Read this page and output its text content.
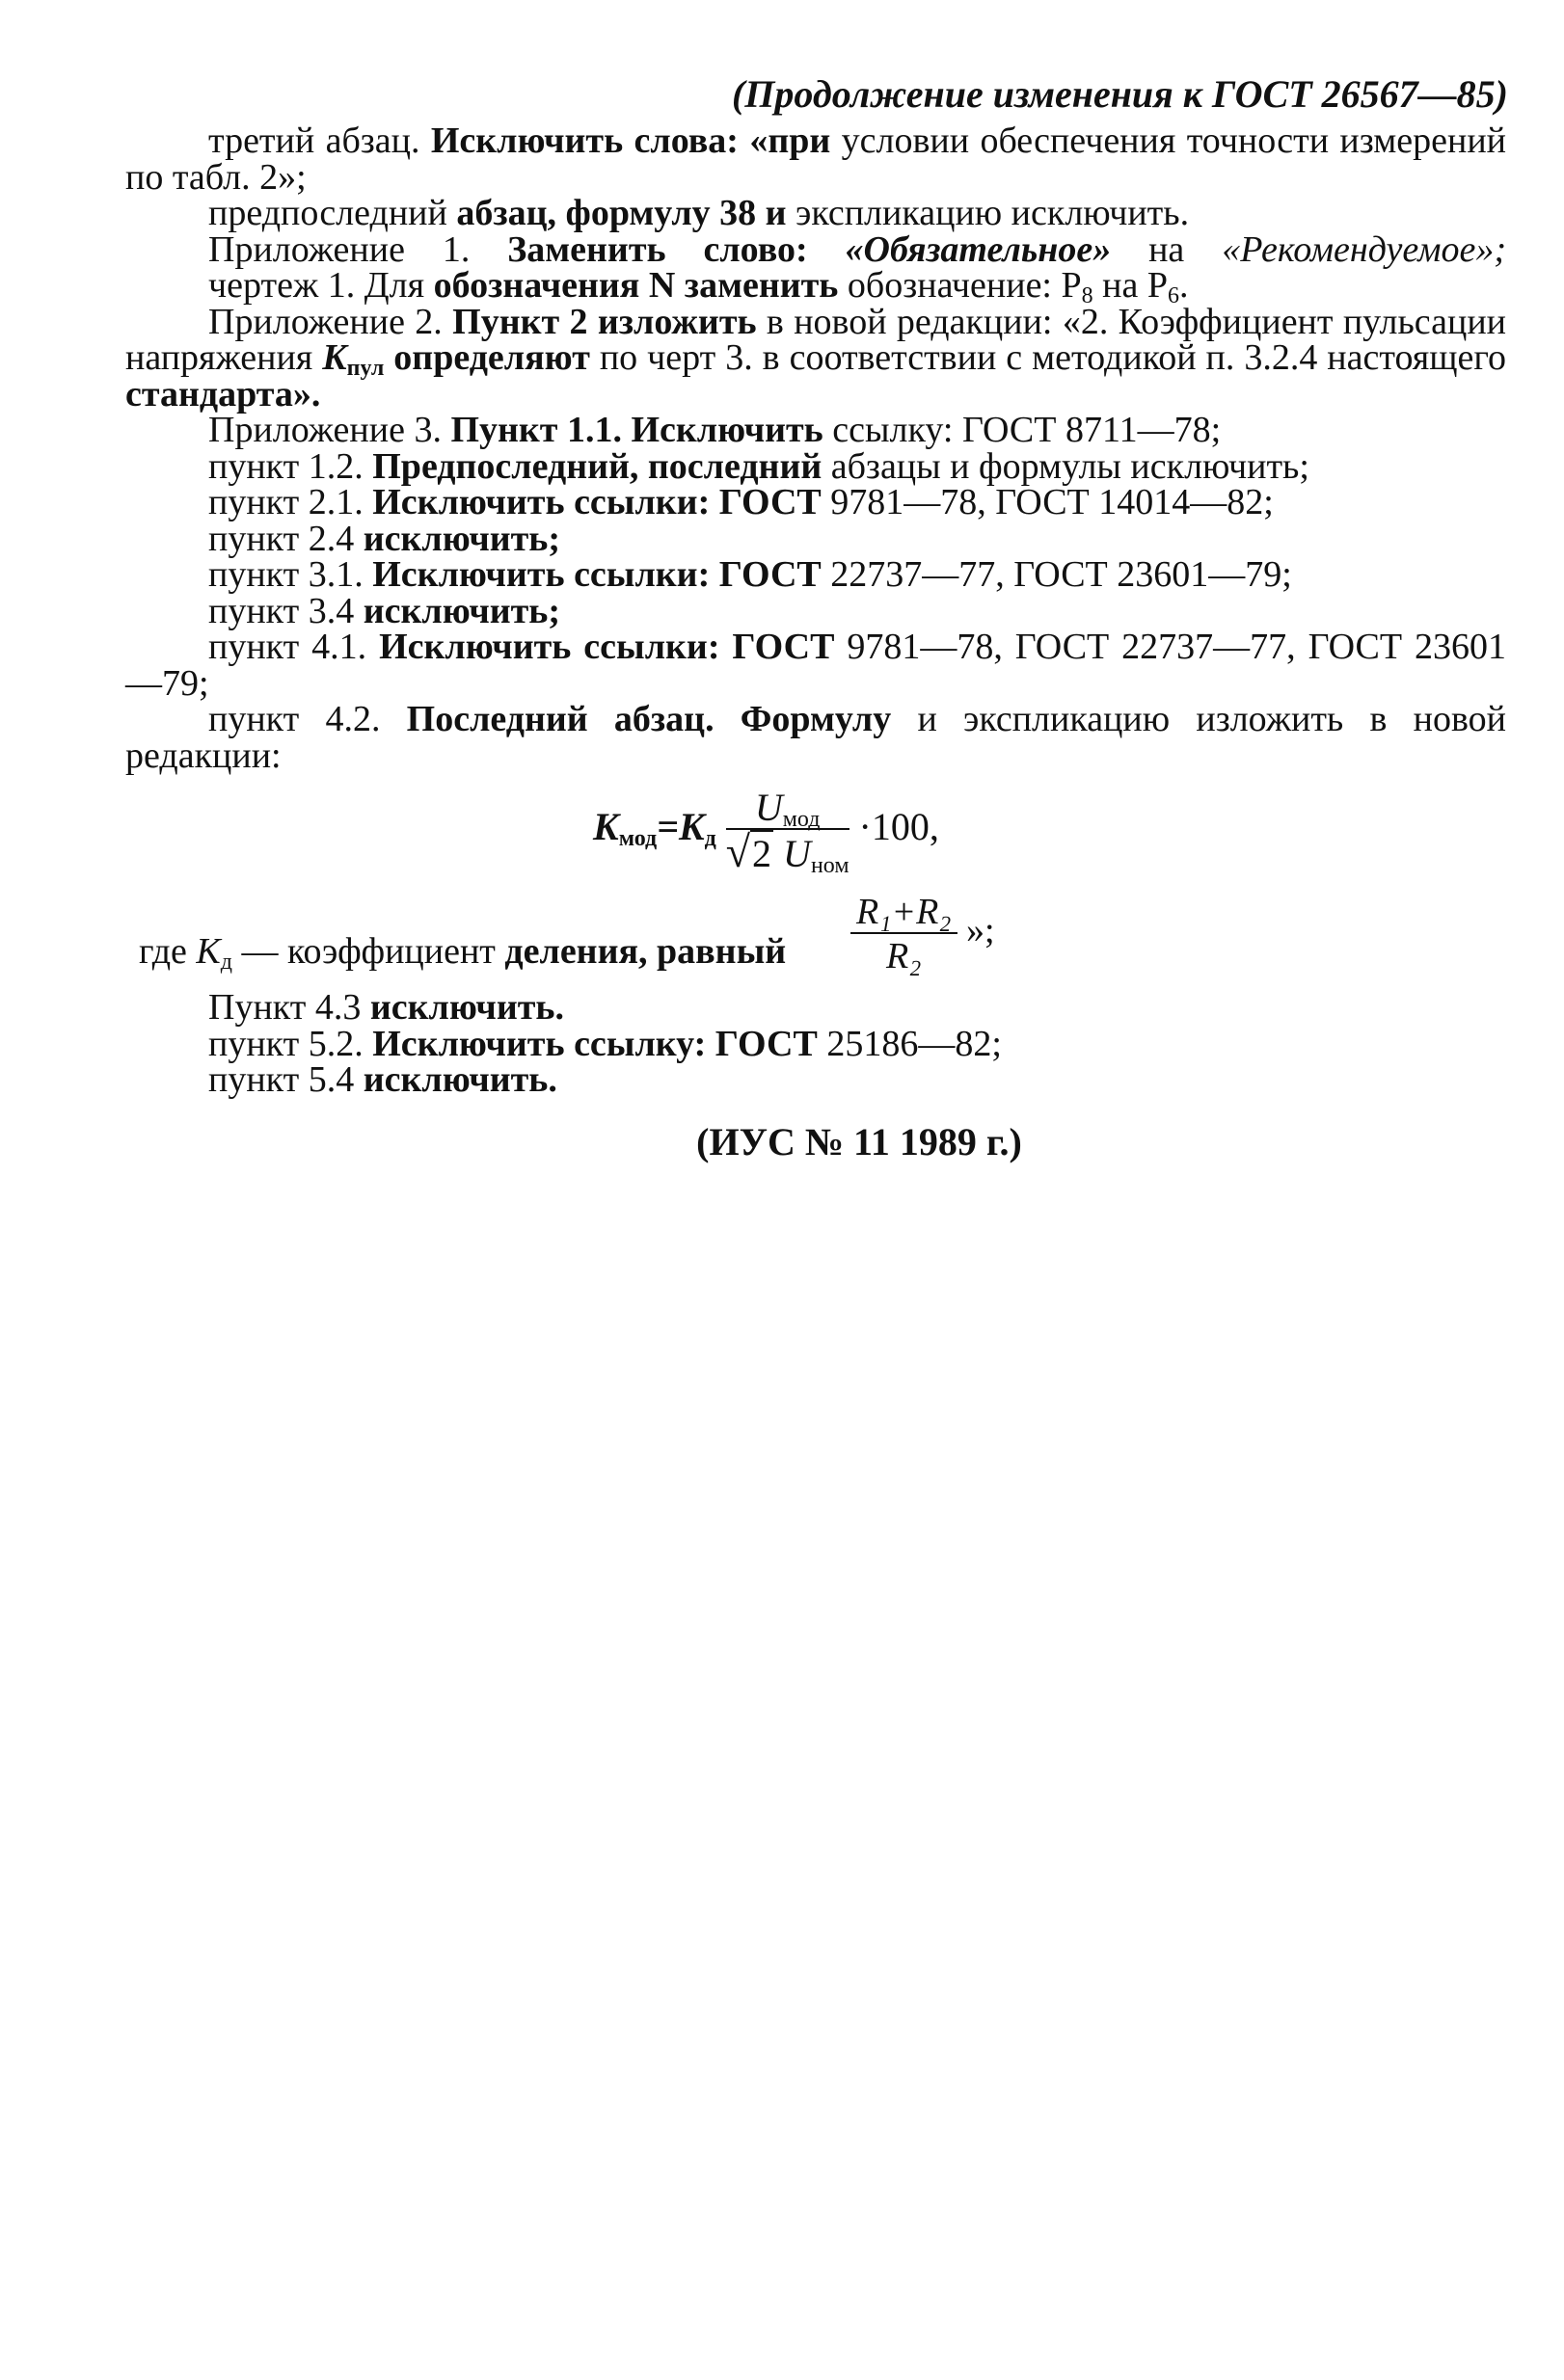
(Продолжение изменения к ГОСТ 26567—85)

третий абзац. Исключить слова: «при условии обеспечения точности измерений по табл. 2»;

предпоследний абзац, формулу 38 и экспликацию исключить.

Приложение 1. Заменить слово: «Обязательное» на «Рекомендуемое»;

чертеж 1. Для обозначения N заменить обозначение: $P_8$ на $P_6$.

Приложение 2. Пункт 2 изложить в новой редакции: «2. Коэффициент пульсации напряжения $K_{пул}$ определяют по черт 3. в соответствии с методикой п. 3.2.4 настоящего стандарта».

Приложение 3. Пункт 1.1. Исключить ссылку: ГОСТ 8711—78;

пункт 1.2. Предпоследний, последний абзацы и формулы исключить;

пункт 2.1. Исключить ссылки: ГОСТ 9781—78, ГОСТ 14014—82;

пункт 2.4 исключить;

пункт 3.1. Исключить ссылки: ГОСТ 22737—77, ГОСТ 23601—79;

пункт 3.4 исключить;

пункт 4.1. Исключить ссылки: ГОСТ 9781—78, ГОСТ 22737—77, ГОСТ 23601—79;

пункт 4.2. Последний абзац. Формулу и экспликацию изложить в новой редакции:

$K_{мод}=K_д \frac{U_{мод}}{√2 U_{ном}} \cdot 100$,
где $K_д$ — коэффициент деления, равный $\frac{\text{R₁+R₂}}{\text{R₂}}$ »;

Пункт 4.3 исключить.

пункт 5.2. Исключить ссылку: ГОСТ 25186—82;

пункт 5.4 исключить.

(ИУС № 11 1989 г.)
